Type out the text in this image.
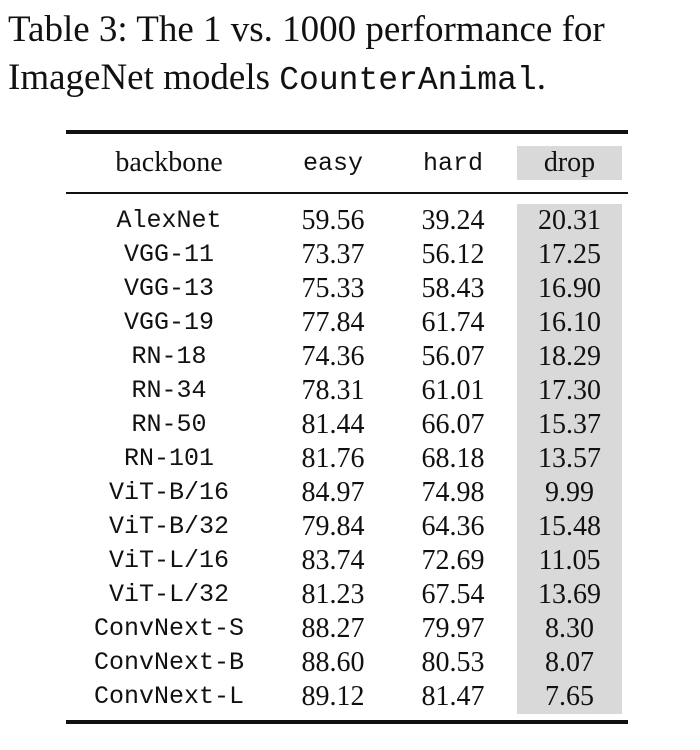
Table 3: The 1 vs. 1000 performance for
ImageNet models CounterAnimal.
backbone	easy	hard	drop

AlexNet	59.56	39.24	20.31

VGG-11	73.37	56.12	17.25

VGG-13	75.33	58.43	16.90

VGG-19	77.84	61.74	16.10

RN-18	74.36	56.07	18.29

RN-34	78.31	61.01	17.30

RN-50	81.44	66.07	15.37

RN-101	81.76	68.18	13.57

ViT-B/16	84.97	74.98	9.99

ViT-B/32	79.84	64.36	15.48

ViT-L/16	83.74	72.69	11.05

ViT-L/32	81.23	67.54	13.69

ConvNext-S	88.27	79.97	8.30

ConvNext-B	88.60	80.53	8.07

ConvNext-L	89.12	81.47	7.65
